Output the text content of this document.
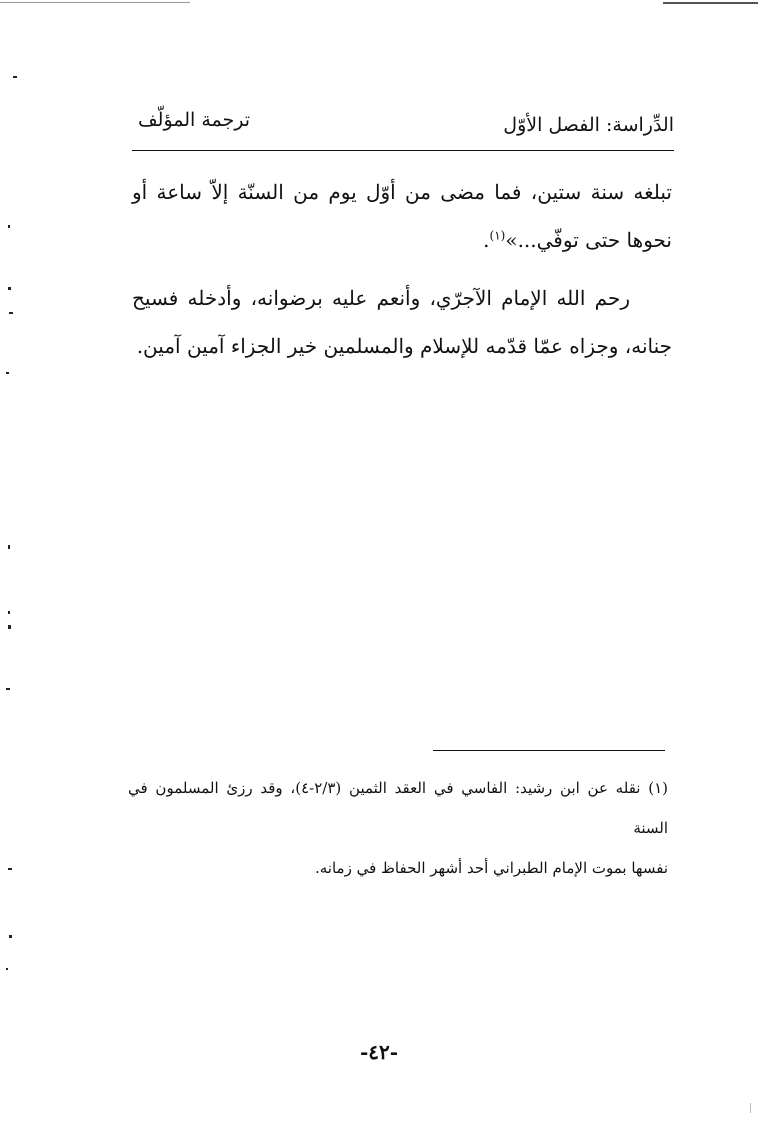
الدِّراسة: الفصل الأوّل
ترجمة المؤلّف

تبلغه سنة ستين، فما مضى من أوّل يوم من السنّة إلاّ ساعة أو نحوها حتى توفّي...»$^{(١)}$.

رحم الله الإمام الآجرّي، وأنعم عليه برضوانه، وأدخله فسيح جنانه، وجزاه عمّا قدّمه للإسلام والمسلمين خير الجزاء آمين آمين.

(١) نقله عن ابن رشيد: الفاسي في العقد الثمين (٢/٣-٤)، وقد رزئ المسلمون في السنة

نفسها بموت الإمام الطبراني أحد أشهر الحفاظ في زمانه.

-٤٢-
